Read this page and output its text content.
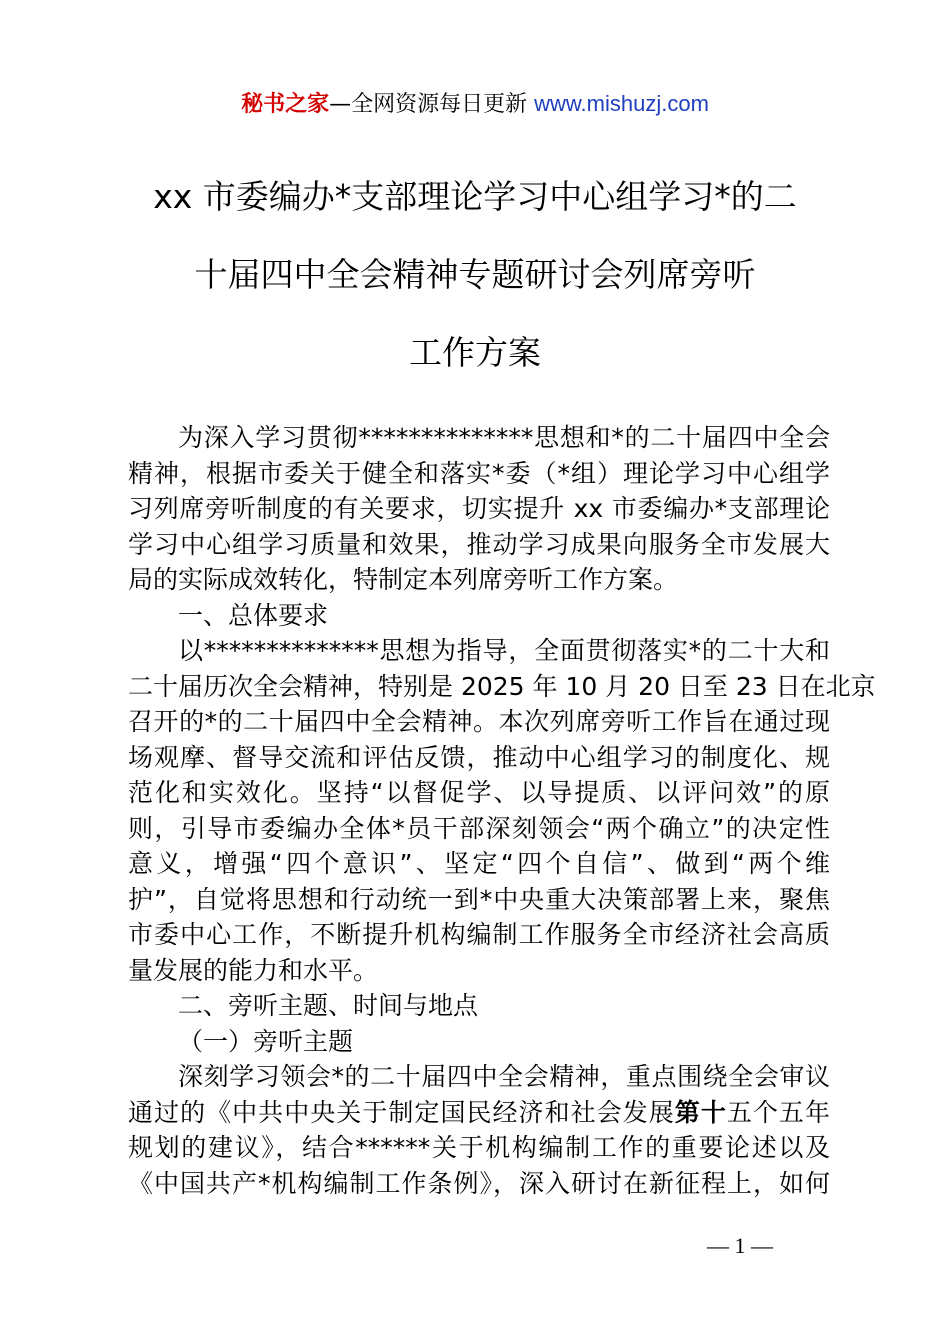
秘书之家—全网资源每日更新 www.mishuzj.com
xx 市委编办*支部理论学习中心组学习*的二
十届四中全会精神专题研讨会列席旁听
工作方案
为深入学习贯彻**************思想和*的二十届四中全会
精神，根据市委关于健全和落实*委（*组）理论学习中心组学
习列席旁听制度的有关要求，切实提升 xx 市委编办*支部理论
学习中心组学习质量和效果，推动学习成果向服务全市发展大
局的实际成效转化，特制定本列席旁听工作方案。
一、总体要求
以**************思想为指导，全面贯彻落实*的二十大和
二十届历次全会精神，特别是 2025 年 10 月 20 日至 23 日在北京
召开的*的二十届四中全会精神。本次列席旁听工作旨在通过现
场观摩、督导交流和评估反馈，推动中心组学习的制度化、规
范化和实效化。坚持“以督促学、以导提质、以评问效”的原
则，引导市委编办全体*员干部深刻领会“两个确立”的决定性
意义，增强“四个意识”、坚定“四个自信”、做到“两个维
护”，自觉将思想和行动统一到*中央重大决策部署上来，聚焦
市委中心工作，不断提升机构编制工作服务全市经济社会高质
量发展的能力和水平。
二、旁听主题、时间与地点
（一）旁听主题
深刻学习领会*的二十届四中全会精神，重点围绕全会审议
通过的《中共中央关于制定国民经济和社会发展第十五个五年
规划的建议》，结合******关于机构编制工作的重要论述以及
《中国共产*机构编制工作条例》，深入研讨在新征程上，如何
— 1 —
